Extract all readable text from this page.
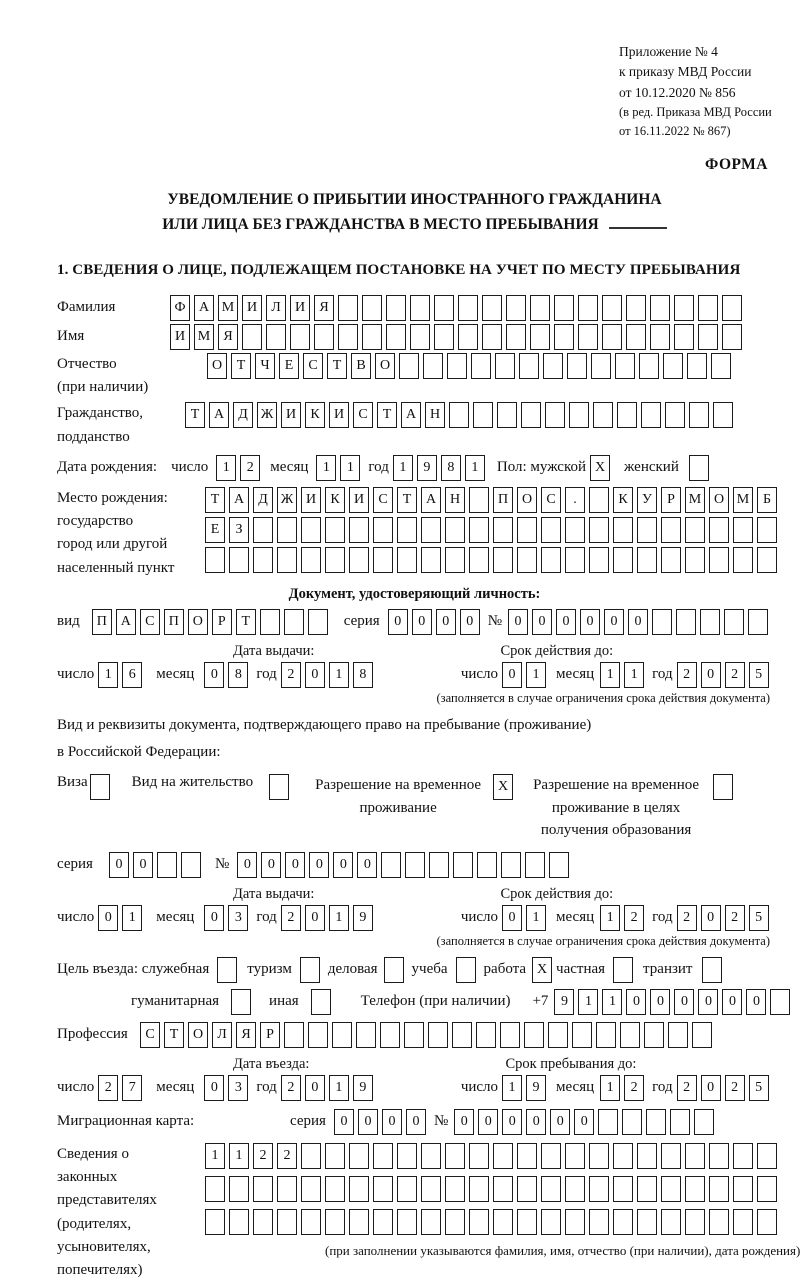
Приложение № 4
к приказу МВД России
от 10.12.2020 № 856
(в ред. Приказа МВД России
от 16.11.2022 № 867)
ФОРМА
УВЕДОМЛЕНИЕ О ПРИБЫТИИ ИНОСТРАННОГО ГРАЖДАНИНА
ИЛИ ЛИЦА БЕЗ ГРАЖДАНСТВА В МЕСТО ПРЕБЫВАНИЯ
1. СВЕДЕНИЯ О ЛИЦЕ, ПОДЛЕЖАЩЕМ ПОСТАНОВКЕ НА УЧЕТ ПО МЕСТУ ПРЕБЫВАНИЯ
Фамилия	Ф А М И	Л	И	Я
Имя	И М Я
Отчество
(при наличии)
О	Т	Ч	Е	С	Т	В	О
Гражданство,
подданство
Т	А	Д Ж И	К	И	С	Т	А Н
Дата рождения: число	1	2	месяц	1	1 год 1	9	8	1	Пол: мужской X	женский
Место рождения:
государство
город или другой
населенный пункт
Т	А	Д Ж И	К	И	С	Т	А Н	П О	С	.	К	У	Р М О М Б
Е	З
Документ, удостоверяющий личность:
вид	П А	С	П О	Р	Т	серия	0	0	0	0 № 0	0	0	0	0	0
Дата выдачи:	Срок действия до:
число 1	6	месяц	0	8 год 2	0	1	8	число 0	1	месяц 1	1 год 2	0	2	5
(заполняется в случае ограничения срока действия документа)
Вид и реквизиты документа, подтверждающего право на пребывание (проживание)
в Российской Федерации:
Виза	Вид на жительство	Разрешение на временное
проживание
X	Разрешение на временное
проживание в целях
получения образования
серия	0	0	№	0	0	0	0	0	0
Дата выдачи:	Срок действия до:
число 0	1	месяц	0	3 год 2	0	1	9	число 0	1	месяц 1	2 год 2	0	2	5
(заполняется в случае ограничения срока действия документа)
Цель въезда: служебная	туризм деловая учеба работа X частная	транзит
гуманитарная	иная	Телефон (при наличии) +7 9	1	1	0	0	0	0	0	0
Профессия	С	Т	О	Л	Я	Р
Дата въезда:	Срок пребывания до:
число 2	7	месяц	0	3 год 2	0	1	9	число 1	9	месяц 1	2 год 2	0	2	5
Миграционная карта:	серия	0	0	0	0 № 0	0	0	0	0	0
Сведения о
законных
представителях
(родителях,
усыновителях,
попечителях)
1	1	2	2
(при заполнении указываются фамилия, имя, отчество (при наличии), дата рождения)
